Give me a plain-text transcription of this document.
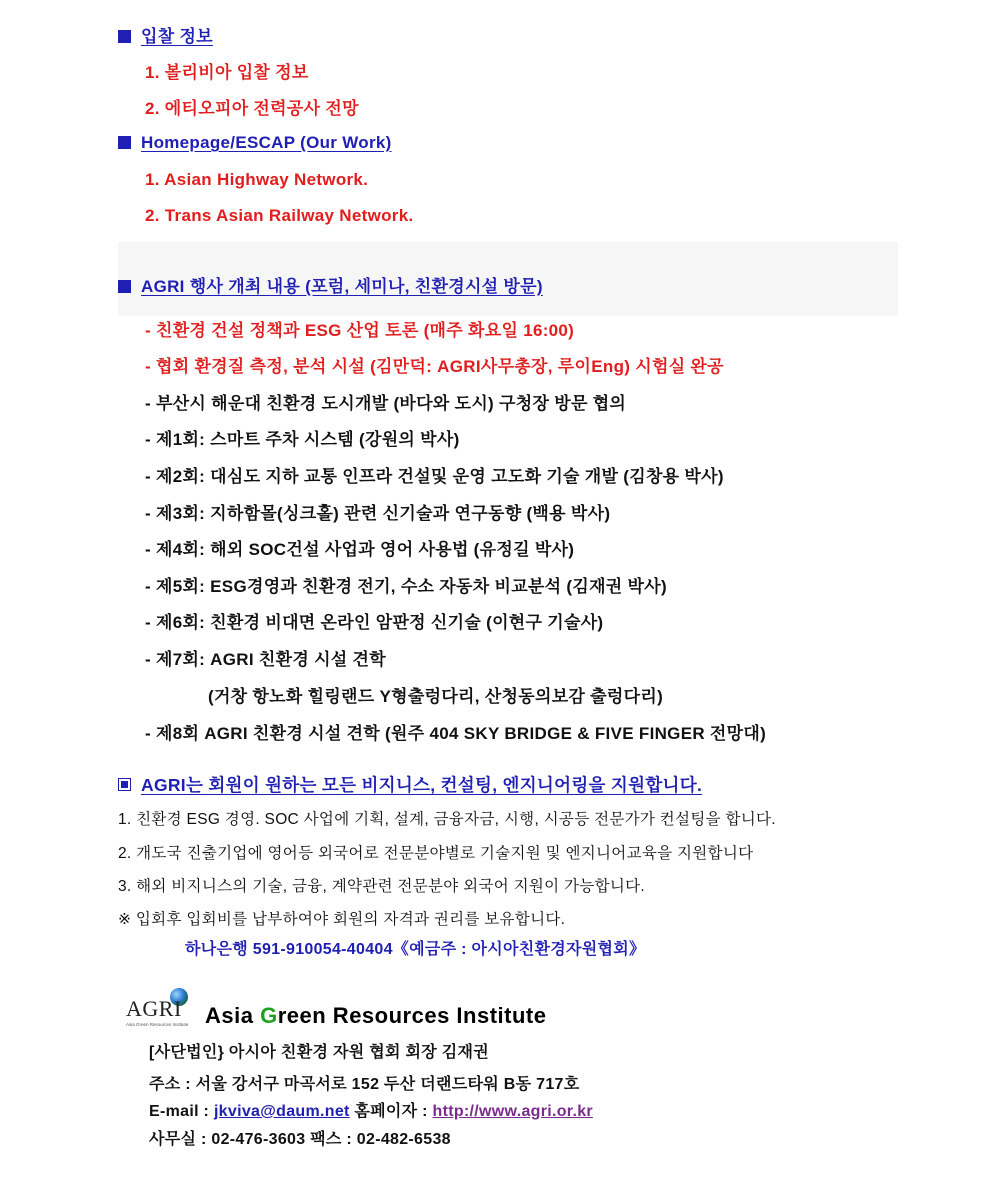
입찰 정보
1. 볼리비아 입찰 정보
2. 에티오피아 전력공사 전망
Homepage/ESCAP (Our Work)
1. Asian Highway Network.
2. Trans Asian Railway Network.
AGRI 행사 개최 내용 (포럼, 세미나, 친환경시설 방문)
- 친환경 건설 정책과 ESG 산업 토론 (매주 화요일 16:00)
- 협회 환경질 측정, 분석 시설 (김만덕: AGRI사무총장, 루이Eng) 시험실 완공
- 부산시 해운대 친환경 도시개발 (바다와 도시) 구청장 방문 협의
- 제1회: 스마트 주차 시스템 (강원의 박사)
- 제2회: 대심도 지하 교통 인프라 건설및 운영 고도화 기술 개발 (김창용 박사)
- 제3회: 지하함몰(싱크홀) 관련 신기술과 연구동향 (백용 박사)
- 제4회: 해외 SOC건설 사업과 영어 사용법 (유정길 박사)
- 제5회: ESG경영과 친환경 전기, 수소 자동차 비교분석 (김재권 박사)
- 제6회: 친환경 비대면 온라인 암판정 신기술 (이현구 기술사)
- 제7회: AGRI 친환경 시설 견학
(거창 항노화 힐링랜드 Y형출렁다리, 산청동의보감 출렁다리)
- 제8회 AGRI 친환경 시설 견학 (원주 404 SKY BRIDGE & FIVE FINGER 전망대)
AGRI는 회원이 원하는 모든 비지니스, 컨설팅, 엔지니어링을 지원합니다.
1. 친환경 ESG 경영. SOC 사업에 기획, 설계, 금융자금, 시행, 시공등 전문가가 컨설팅을 합니다.
2. 개도국 진출기업에 영어등 외국어로 전문분야별로 기술지원 및 엔지니어교육을 지원합니다
3. 해외 비지니스의 기술, 금융, 계약관련 전문분야 외국어 지원이 가능합니다.
※ 입회후 입회비를 납부하여야 회원의 자격과 권리를 보유합니다.
하나은행 591-910054-40404《예금주 : 아시아친환경자원협회》
AGRI
Asia Green Resources Institute Asia Green Resources Institute
[사단법인} 아시아 친환경 자원 협회 회장 김재권
주소 : 서울 강서구 마곡서로 152 두산 더랜드타워 B동 717호
E-mail : jkviva@daum.net 홈페이자 : http://www.agri.or.kr
사무실 : 02-476-3603 팩스 : 02-482-6538
